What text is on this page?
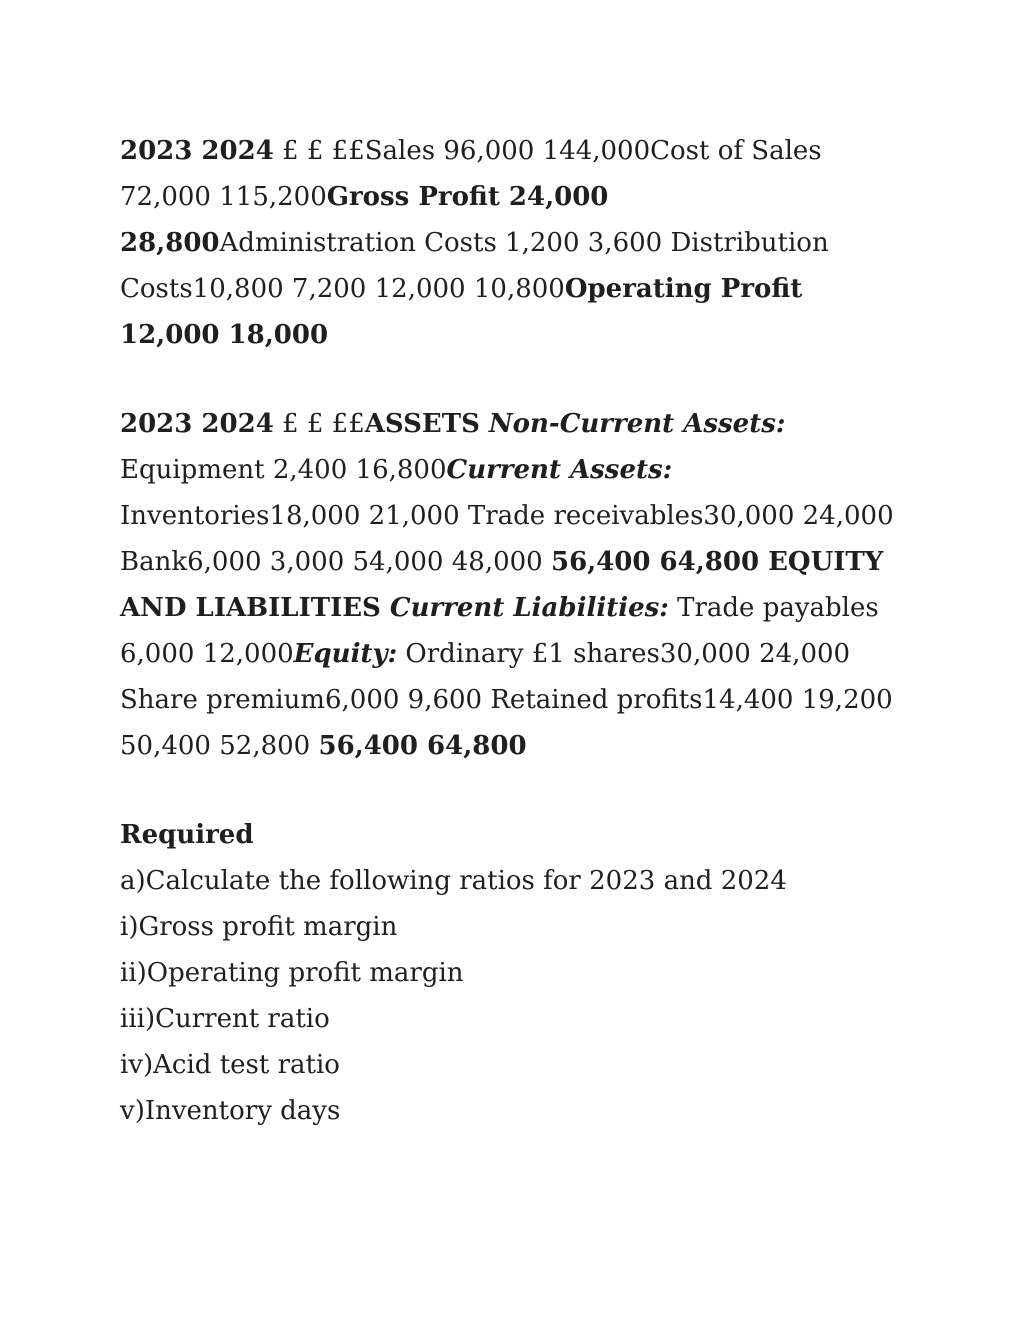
2023 2024 £ £ ££Sales 96,000 144,000Cost of Sales 72,000 115,200Gross Profit 24,000 28,800Administration Costs 1,200 3,600 Distribution Costs10,800 7,200 12,000 10,800Operating Profit 12,000 18,000

2023 2024 £ £ ££ASSETS Non-Current Assets: Equipment 2,400 16,800Current Assets: Inventories18,000 21,000 Trade receivables30,000 24,000 Bank6,000 3,000 54,000 48,000 56,400 64,800 EQUITY AND LIABILITIES Current Liabilities: Trade payables 6,000 12,000Equity: Ordinary £1 shares30,000 24,000 Share premium6,000 9,600 Retained profits14,400 19,200 50,400 52,800 56,400 64,800

Required

a)Calculate the following ratios for 2023 and 2024

i)Gross profit margin

ii)Operating profit margin

iii)Current ratio

iv)Acid test ratio

v)Inventory days
